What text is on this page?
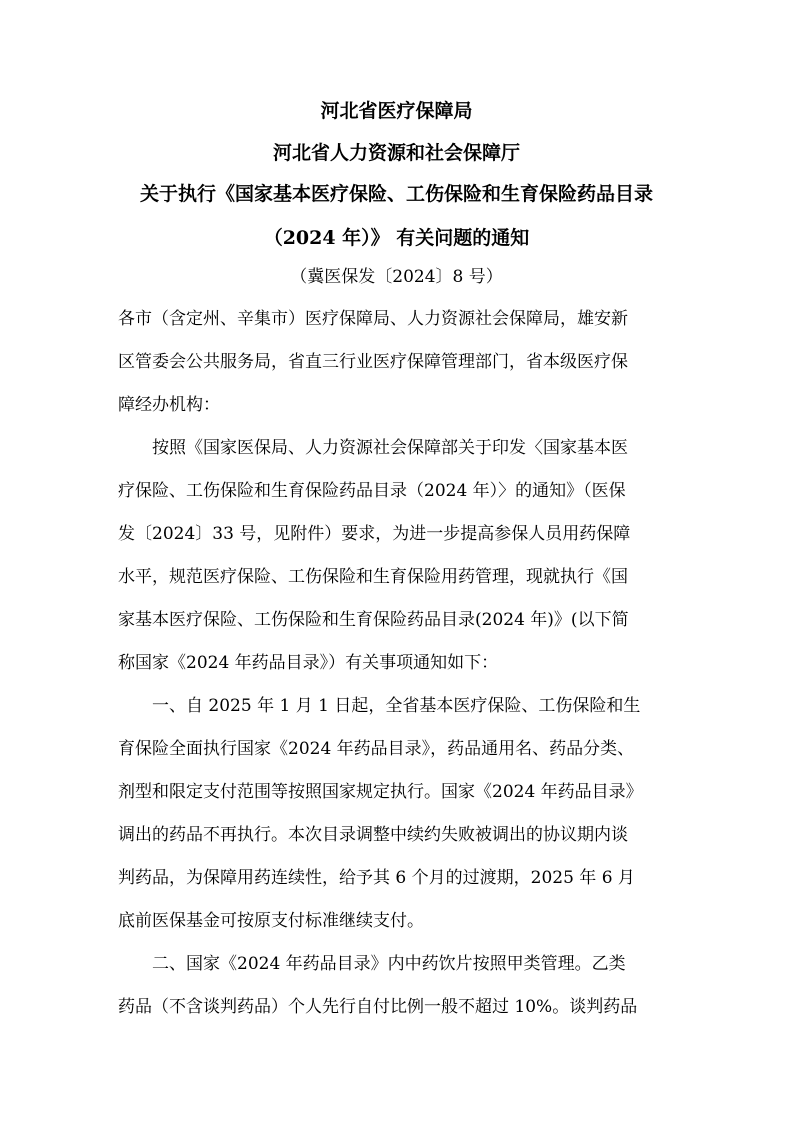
河北省医疗保障局
河北省人力资源和社会保障厅
关于执行《国家基本医疗保险、工伤保险和生育保险药品目录
（2024 年）》 有关问题的通知
（冀医保发〔2024〕8 号）
各市（含定州、辛集市）医疗保障局、人力资源社会保障局，雄安新
区管委会公共服务局，省直三行业医疗保障管理部门，省本级医疗保
障经办机构：
按照《国家医保局、人力资源社会保障部关于印发〈国家基本医
疗保险、工伤保险和生育保险药品目录（2024 年）〉的通知》（医保
发〔2024〕33 号，见附件）要求，为进一步提高参保人员用药保障
水平，规范医疗保险、工伤保险和生育保险用药管理，现就执行《国
家基本医疗保险、工伤保险和生育保险药品目录(2024 年)》(以下简
称国家《2024 年药品目录》）有关事项通知如下：
一、自 2025 年 1 月 1 日起，全省基本医疗保险、工伤保险和生
育保险全面执行国家《2024 年药品目录》，药品通用名、药品分类、
剂型和限定支付范围等按照国家规定执行。国家《2024 年药品目录》
调出的药品不再执行。本次目录调整中续约失败被调出的协议期内谈
判药品，为保障用药连续性，给予其 6 个月的过渡期，2025 年 6 月
底前医保基金可按原支付标准继续支付。
二、国家《2024 年药品目录》内中药饮片按照甲类管理。乙类
药品（不含谈判药品）个人先行自付比例一般不超过 10%。谈判药品
